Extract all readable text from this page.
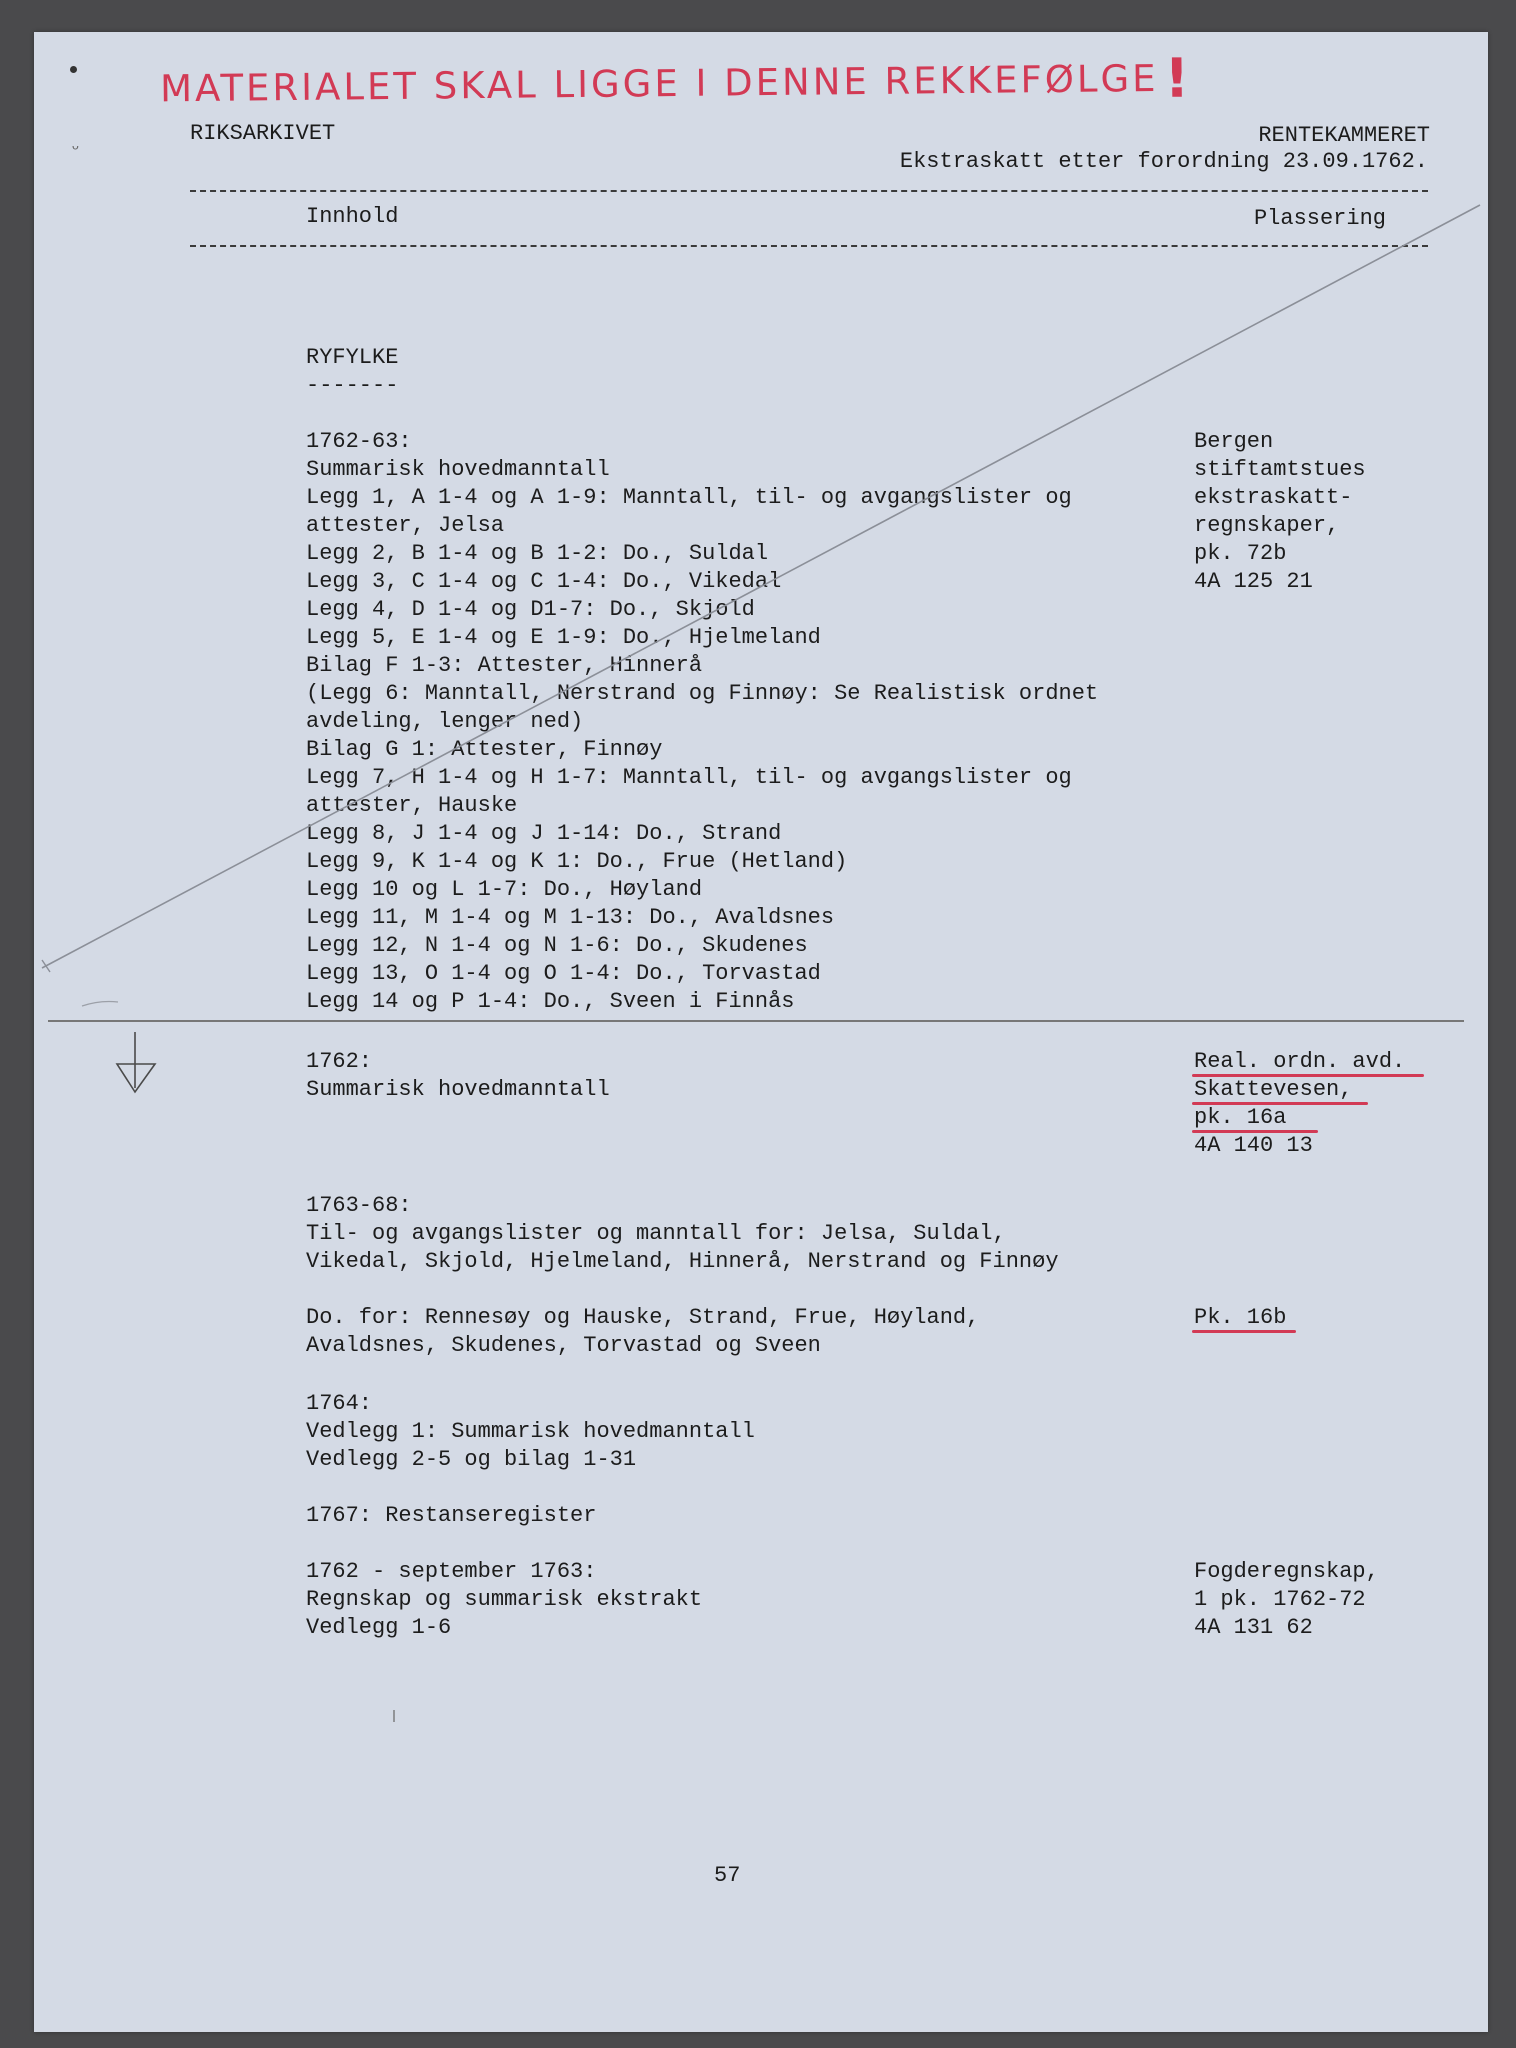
ᵕ
MATERIALET SKAL LIGGE I DENNE REKKEFØLGE !
RIKSARKIVET	RENTEKAMMERET
Ekstraskatt etter forordning 23.09.1762.
Innhold	Plassering
RYFYLKE
-------
1762-63:
Summarisk hovedmanntall
Legg 1, A 1-4 og A 1-9: Manntall, til- og avgangslister og
attester, Jelsa
Legg 2, B 1-4 og B 1-2: Do., Suldal
Legg 3, C 1-4 og C 1-4: Do., Vikedal
Legg 4, D 1-4 og D1-7: Do., Skjold
Legg 5, E 1-4 og E 1-9: Do., Hjelmeland
Bilag F 1-3: Attester, Hinnerå
(Legg 6: Manntall, Nerstrand og Finnøy: Se Realistisk ordnet
avdeling, lenger ned)
Bilag G 1: Attester, Finnøy
Legg 7, H 1-4 og H 1-7: Manntall, til- og avgangslister og
attester, Hauske
Legg 8, J 1-4 og J 1-14: Do., Strand
Legg 9, K 1-4 og K 1: Do., Frue (Hetland)
Legg 10 og L 1-7: Do., Høyland
Legg 11, M 1-4 og M 1-13: Do., Avaldsnes
Legg 12, N 1-4 og N 1-6: Do., Skudenes
Legg 13, O 1-4 og O 1-4: Do., Torvastad
Legg 14 og P 1-4: Do., Sveen i Finnås
Bergen
stiftamtstues
ekstraskatt-
regnskaper,
pk. 72b
4A 125 21
1762:
Summarisk hovedmanntall
Real. ordn. avd.
Skattevesen,
pk. 16a
4A 140 13
1763-68:
Til- og avgangslister og manntall for: Jelsa, Suldal,
Vikedal, Skjold, Hjelmeland, Hinnerå, Nerstrand og Finnøy
Do. for: Rennesøy og Hauske, Strand, Frue, Høyland,
Avaldsnes, Skudenes, Torvastad og Sveen
Pk. 16b
1764:
Vedlegg 1: Summarisk hovedmanntall
Vedlegg 2-5 og bilag 1-31
1767: Restanseregister
1762 - september 1763:
Regnskap og summarisk ekstrakt
Vedlegg 1-6
Fogderegnskap,
1 pk. 1762-72
4A 131 62
57
